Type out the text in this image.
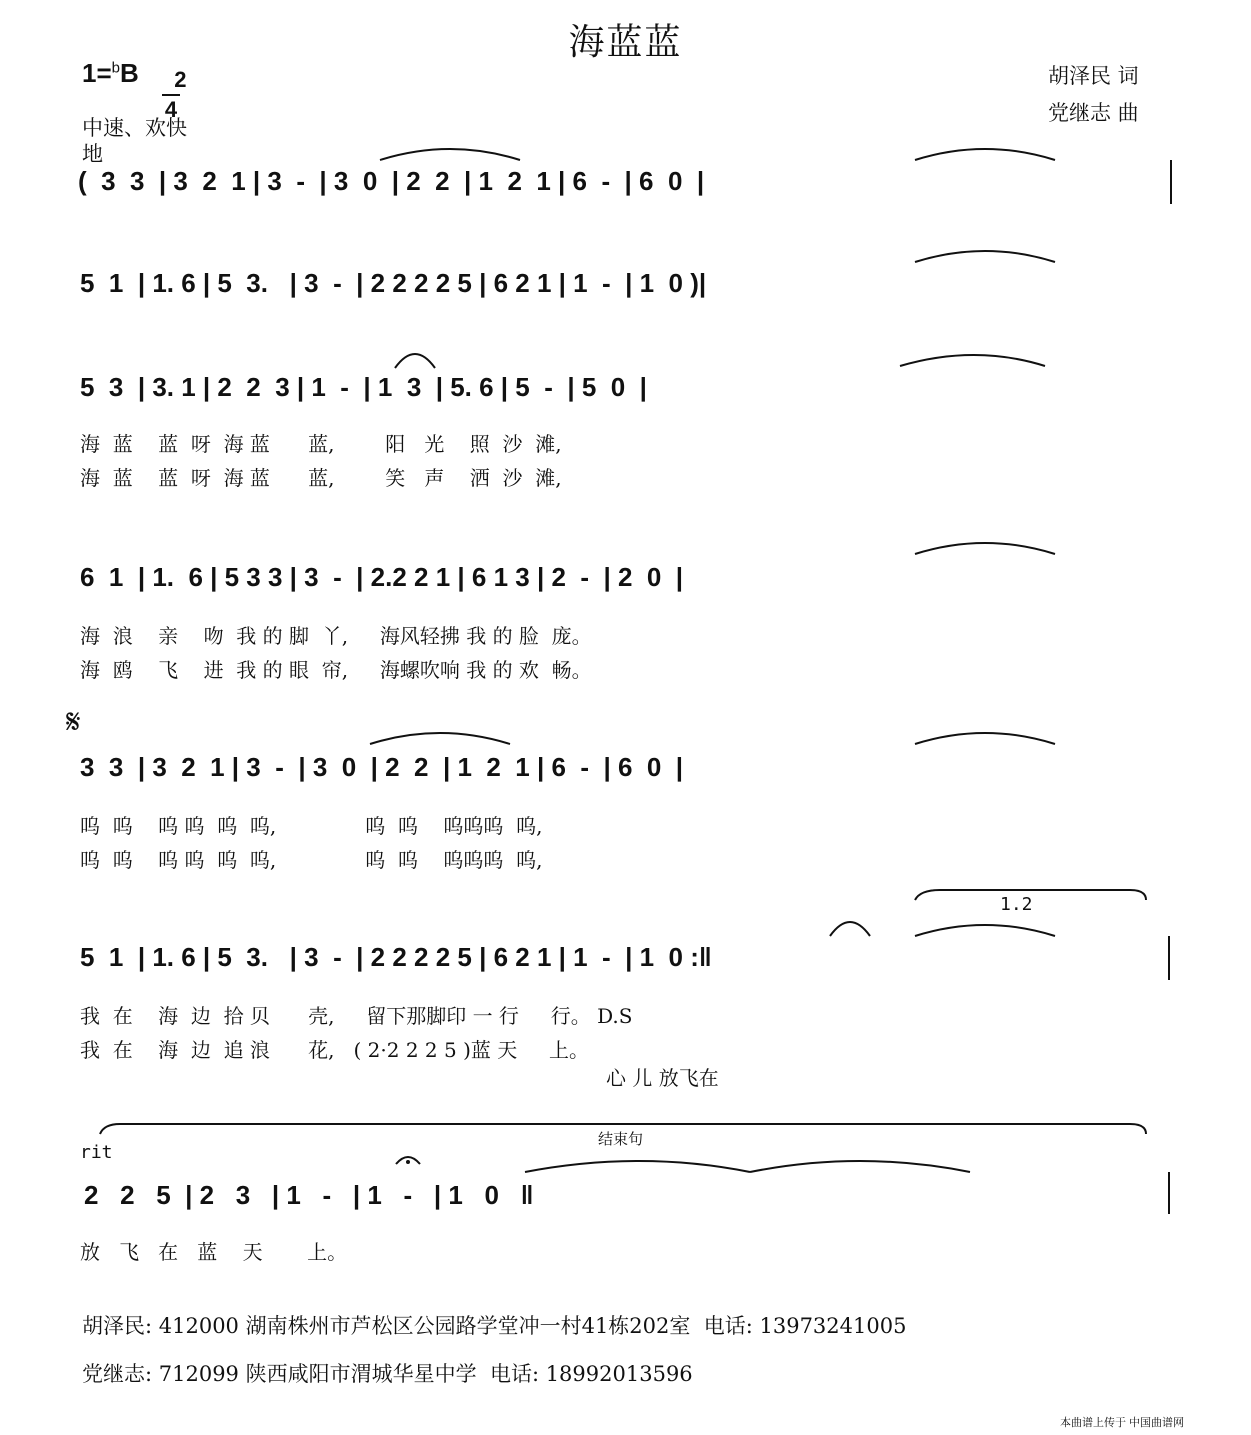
海蓝蓝
1=$^b$B	2
4

中速、欢快
地
胡泽民 词
党继志 曲
(  3  3  | 3  2  1 | 3  -  | 3  0  | 2  2  | 1  2  1 | 6  -  | 6  0  |
5  1  | 1. 6 | 5  3.   | 3  -  | 2 2 2 2 5 | 6 2 1 | 1  -  | 1  0 )|
5  3  | 3. 1 | 2  2  3 | 1  -  | 1  3  | 5. 6 | 5  -  | 5  0  |
海  蓝    蓝  呀  海 蓝      蓝,        阳   光    照  沙  滩,
海  蓝    蓝  呀  海 蓝      蓝,        笑   声    洒  沙  滩,
6  1  | 1.  6 | 5 3 3 | 3  -  | 2.2 2 1 | 6 1 3 | 2  -  | 2  0  |
海  浪    亲    吻  我 的 脚  丫,     海风轻拂 我 的 脸  庞。
海  鸥    飞    进  我 的 眼  帘,     海螺吹响 我 的 欢  畅。
𝄋
3  3  | 3  2  1 | 3  -  | 3  0  | 2  2  | 1  2  1 | 6  -  | 6  0  |
呜  呜    呜 呜  呜  呜,              呜  呜    呜呜呜  呜,
呜  呜    呜 呜  呜  呜,              呜  呜    呜呜呜  呜,
1.2
5  1  | 1. 6 | 5  3.   | 3  -  | 2 2 2 2 5 | 6 2 1 | 1  -  | 1  0 :‖
我  在    海  边  拾 贝      壳,     留下那脚印 一 行     行。 D.S
我  在    海  边  追 浪      花,   ( 2·2 2 2 5 )蓝 天     上。
心 儿 放飞在
结束句
rit
2   2   5  | 2   3   | 1   -   | 1   -   | 1   0   ‖
放   飞   在   蓝    天       上。
胡泽民: 412000 湖南株州市芦松区公园路学堂冲一村41栋202室  电话: 13973241005
党继志: 712099 陕西咸阳市渭城华星中学  电话: 18992013596
本曲谱上传于 中国曲谱网
